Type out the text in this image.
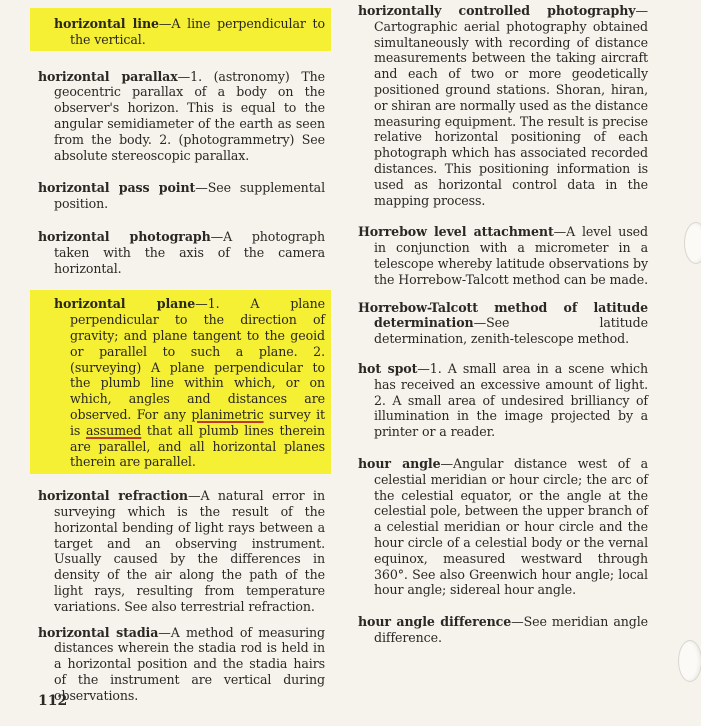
horizontal line—A line perpendicular to the vertical.

horizontal parallax—1. (astronomy) The geocentric parallax of a body on the observer's horizon. This is equal to the angular semidiameter of the earth as seen from the body. 2. (photogrammetry) See absolute stereoscopic parallax.

horizontal pass point—See supplemental position.

horizontal photograph—A photograph taken with the axis of the camera horizontal.

horizontal plane—1. A plane perpendicular to the direction of gravity; and plane tangent to the geoid or parallel to such a plane. 2. (surveying) A plane perpendicular to the plumb line within which, or on which, angles and distances are observed. For any planimetric survey it is assumed that all plumb lines therein are parallel, and all horizontal planes therein are parallel.

horizontal refraction—A natural error in surveying which is the result of the horizontal bending of light rays between a target and an observing instrument. Usually caused by the differences in density of the air along the path of the light rays, resulting from temperature variations. See also terrestrial refraction.

horizontal stadia—A method of measuring distances wherein the stadia rod is held in a horizontal position and the stadia hairs of the instrument are vertical during observations.

horizontally controlled photography—Cartographic aerial photography obtained simultaneously with recording of distance measurements between the taking aircraft and each of two or more geodetically positioned ground stations. Shoran, hiran, or shiran are normally used as the distance measuring equipment. The result is precise relative horizontal positioning of each photograph which has associated recorded distances. This positioning information is used as horizontal control data in the mapping process.

Horrebow level attachment—A level used in conjunction with a micrometer in a telescope whereby latitude observations by the Horrebow-Talcott method can be made.

Horrebow-Talcott method of latitude determination—See latitude determination, zenith-telescope method.

hot spot—1. A small area in a scene which has received an excessive amount of light. 2. A small area of undesired brilliancy of illumination in the image projected by a printer or a reader.

hour angle—Angular distance west of a celestial meridian or hour circle; the arc of the celestial equator, or the angle at the celestial pole, between the upper branch of a celestial meridian or hour circle and the hour circle of a celestial body or the vernal equinox, measured westward through 360°. See also Greenwich hour angle; local hour angle; sidereal hour angle.

hour angle difference—See meridian angle difference.

112
